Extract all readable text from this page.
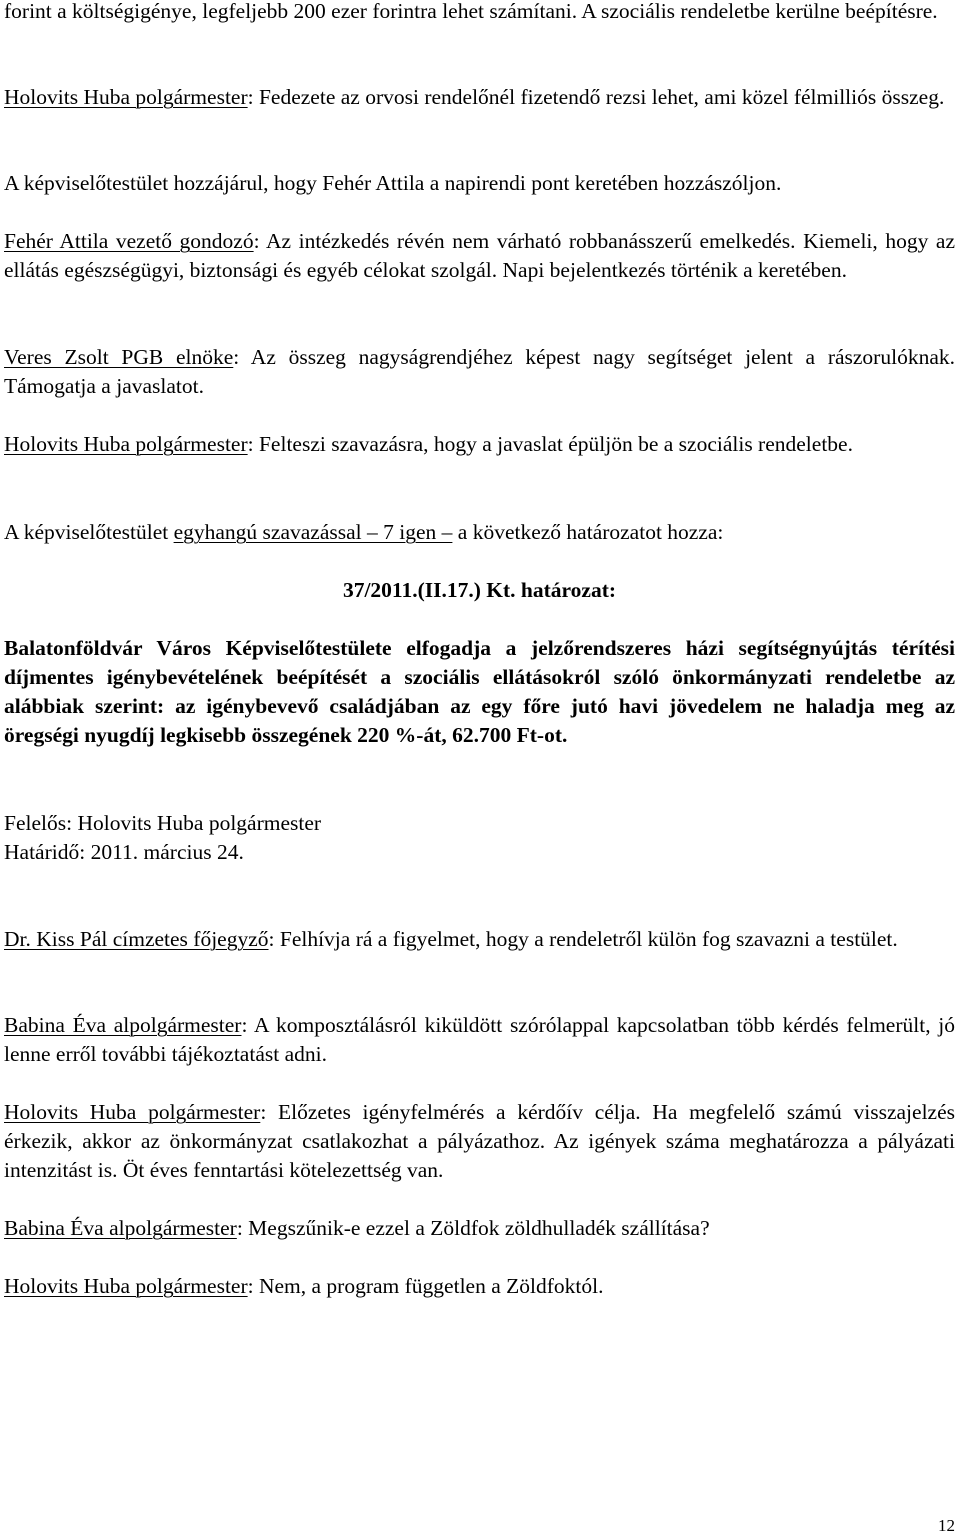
forint a költségigénye, legfeljebb 200 ezer forintra lehet számítani. A szociális rendeletbe kerülne beépítésre.

Holovits Huba polgármester: Fedezete az orvosi rendelőnél fizetendő rezsi lehet, ami közel félmilliós összeg.

A képviselőtestület hozzájárul, hogy Fehér Attila a napirendi pont keretében hozzászóljon.

Fehér Attila vezető gondozó: Az intézkedés révén nem várható robbanásszerű emelkedés. Kiemeli, hogy az ellátás egészségügyi, biztonsági és egyéb célokat szolgál. Napi bejelentkezés történik a keretében.

Veres Zsolt PGB elnöke: Az összeg nagyságrendjéhez képest nagy segítséget jelent a rászorulóknak. Támogatja a javaslatot.

Holovits Huba polgármester: Felteszi szavazásra, hogy a javaslat épüljön be a szociális rendeletbe.

A képviselőtestület egyhangú szavazással – 7 igen – a következő határozatot hozza:

37/2011.(II.17.) Kt. határozat:

Balatonföldvár Város Képviselőtestülete elfogadja a jelzőrendszeres házi segítségnyújtás térítési díjmentes igénybevételének beépítését a szociális ellátásokról szóló önkormányzati rendeletbe az alábbiak szerint: az igénybevevő családjában az egy főre jutó havi jövedelem ne haladja meg az öregségi nyugdíj legkisebb összegének 220 %-át, 62.700 Ft-ot.

Felelős: Holovits Huba polgármester
Határidő: 2011. március 24.

Dr. Kiss Pál címzetes főjegyző: Felhívja rá a figyelmet, hogy a rendeletről külön fog szavazni a testület.

Babina Éva alpolgármester: A komposztálásról kiküldött szórólappal kapcsolatban több kérdés felmerült, jó lenne erről további tájékoztatást adni.

Holovits Huba polgármester: Előzetes igényfelmérés a kérdőív célja. Ha megfelelő számú visszajelzés érkezik, akkor az önkormányzat csatlakozhat a pályázathoz. Az igények száma meghatározza a pályázati intenzitást is. Öt éves fenntartási kötelezettség van.

Babina Éva alpolgármester: Megszűnik-e ezzel a Zöldfok zöldhulladék szállítása?

Holovits Huba polgármester: Nem, a program független a Zöldfoktól.

12
